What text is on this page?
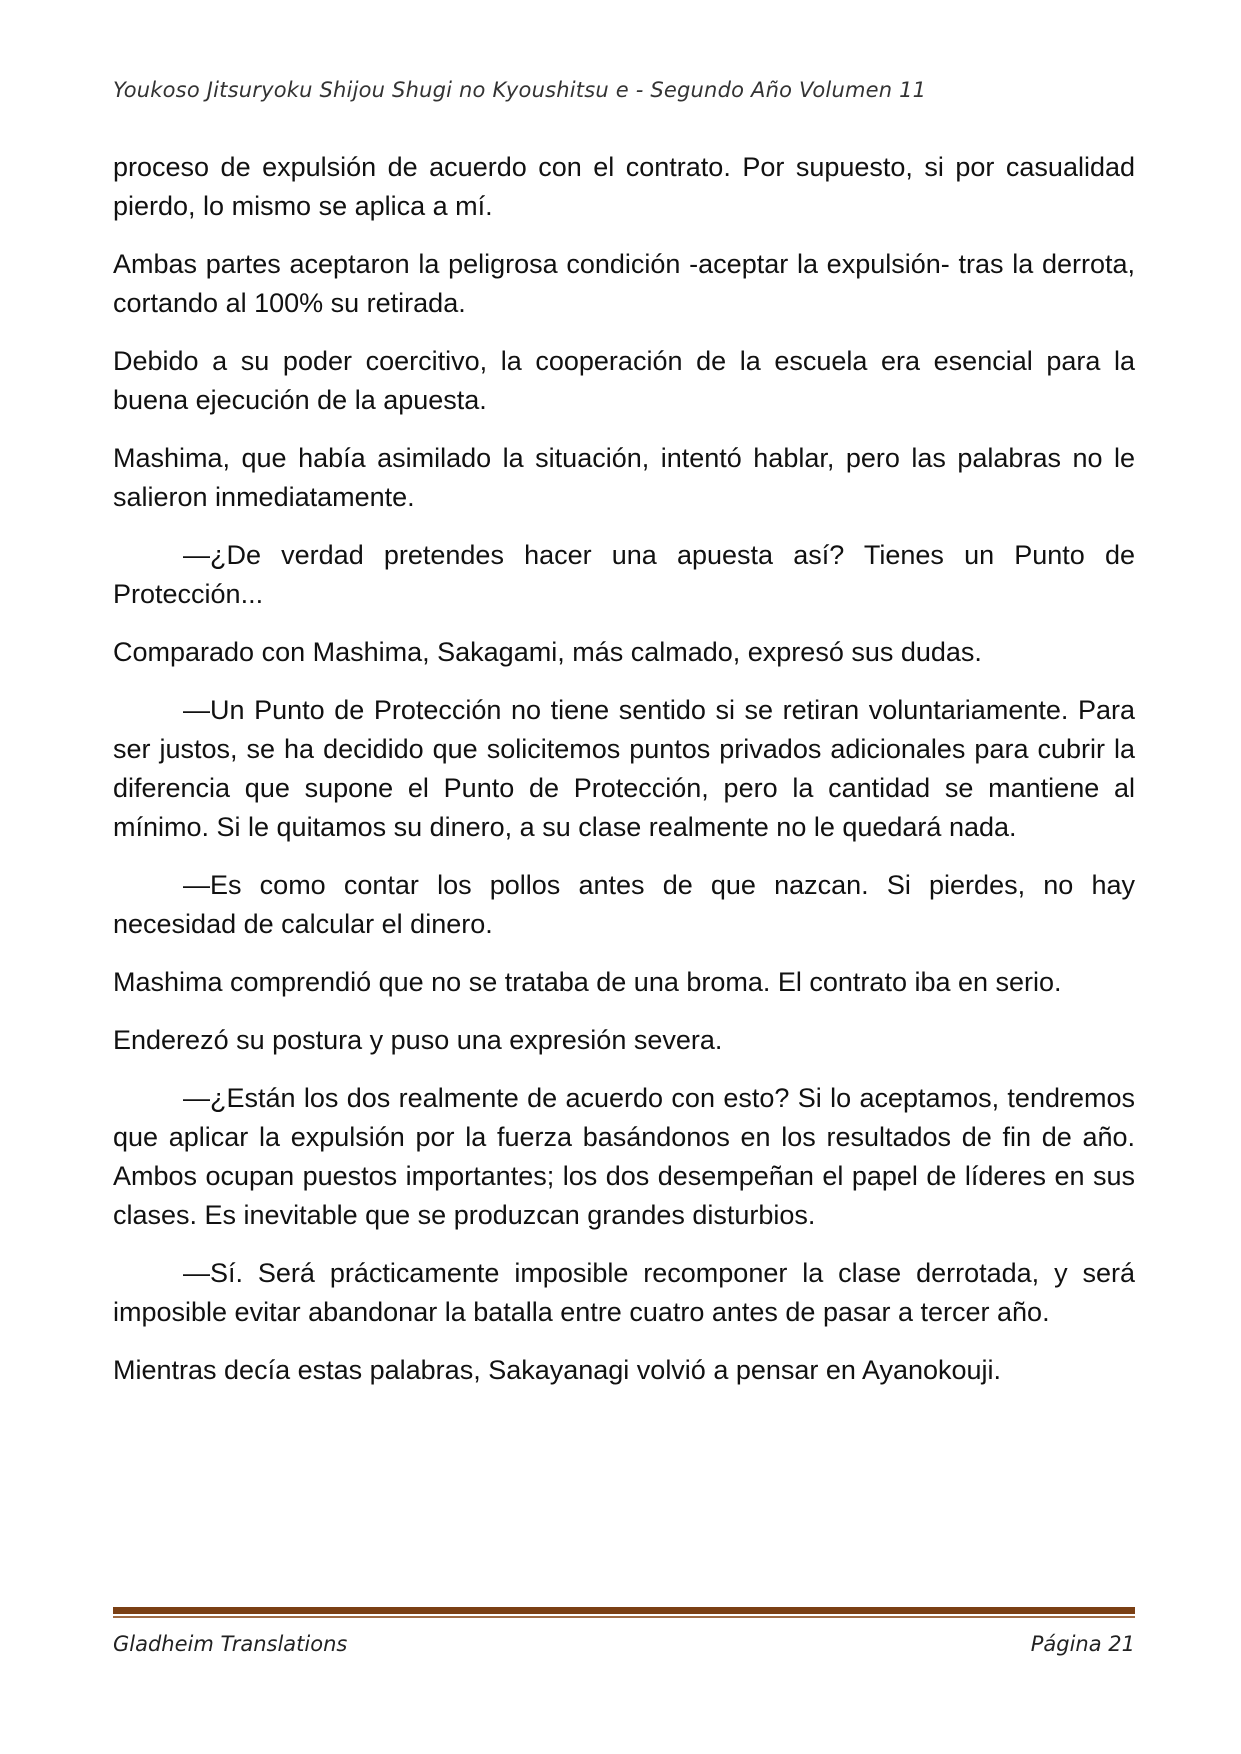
Youkoso Jitsuryoku Shijou Shugi no Kyoushitsu e - Segundo Año Volumen 11

proceso de expulsión de acuerdo con el contrato. Por supuesto, si por casualidad pierdo, lo mismo se aplica a mí.

Ambas partes aceptaron la peligrosa condición -aceptar la expulsión- tras la derrota, cortando al 100% su retirada.

Debido a su poder coercitivo, la cooperación de la escuela era esencial para la buena ejecución de la apuesta.

Mashima, que había asimilado la situación, intentó hablar, pero las palabras no le salieron inmediatamente.

—¿De verdad pretendes hacer una apuesta así? Tienes un Punto de Protección...

Comparado con Mashima, Sakagami, más calmado, expresó sus dudas.

—Un Punto de Protección no tiene sentido si se retiran voluntariamente. Para ser justos, se ha decidido que solicitemos puntos privados adicionales para cubrir la diferencia que supone el Punto de Protección, pero la cantidad se mantiene al mínimo. Si le quitamos su dinero, a su clase realmente no le quedará nada.

—Es como contar los pollos antes de que nazcan. Si pierdes, no hay necesidad de calcular el dinero.

Mashima comprendió que no se trataba de una broma. El contrato iba en serio.

Enderezó su postura y puso una expresión severa.

—¿Están los dos realmente de acuerdo con esto? Si lo aceptamos, tendremos que aplicar la expulsión por la fuerza basándonos en los resultados de fin de año. Ambos ocupan puestos importantes; los dos desempeñan el papel de líderes en sus clases. Es inevitable que se produzcan grandes disturbios.

—Sí. Será prácticamente imposible recomponer la clase derrotada, y será imposible evitar abandonar la batalla entre cuatro antes de pasar a tercer año.

Mientras decía estas palabras, Sakayanagi volvió a pensar en Ayanokouji.

Gladheim Translations	Página 21
